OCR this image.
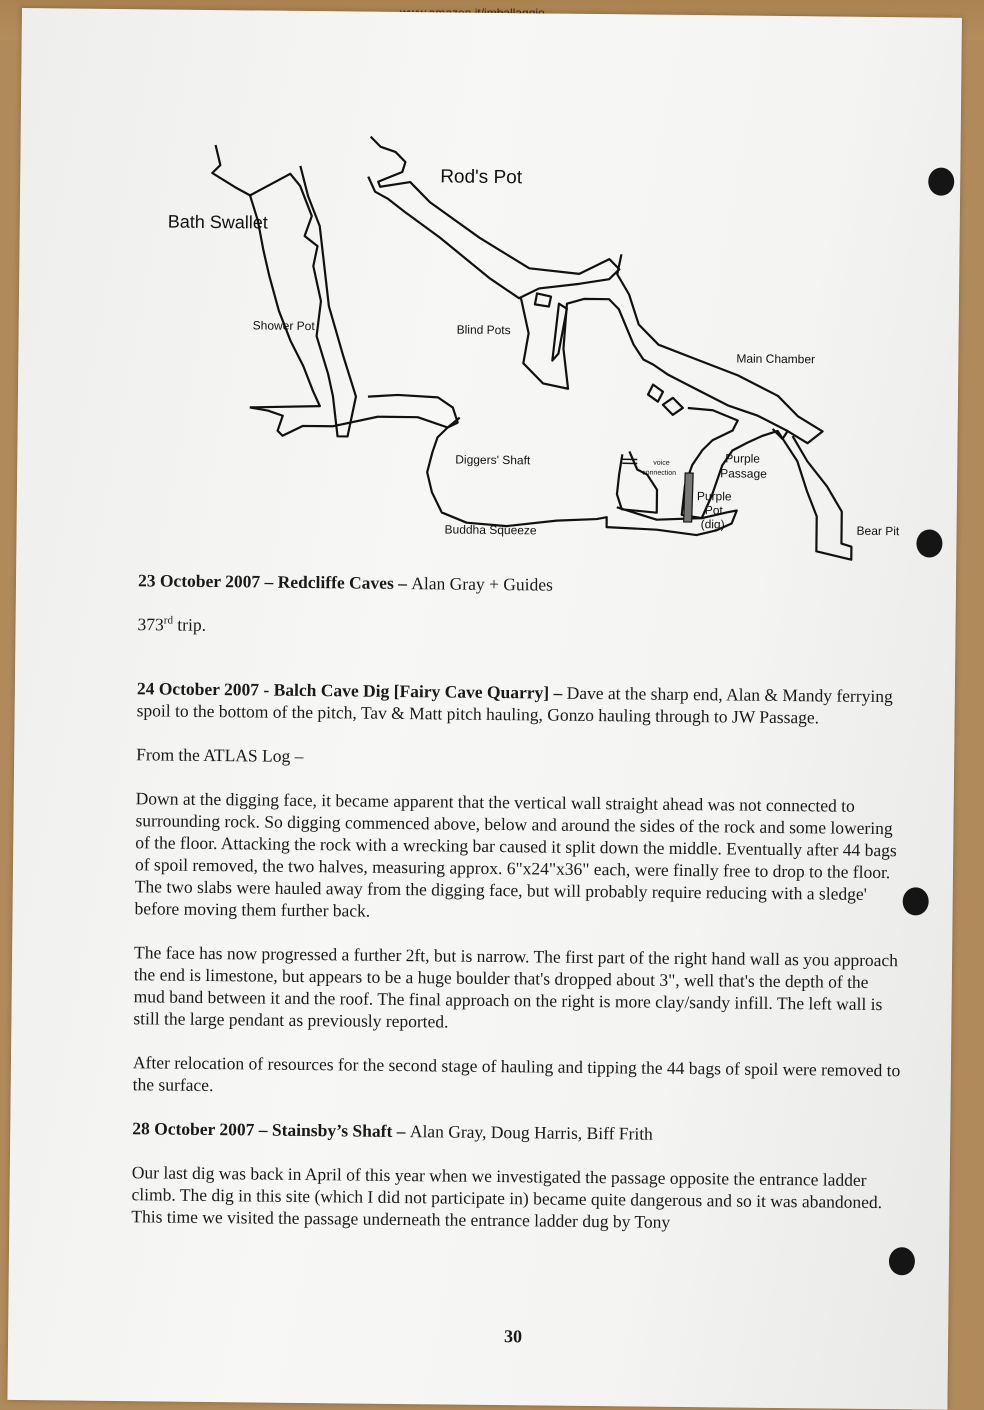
Rod's Pot
Bath Swallet
Shower Pot	Blind Pots
Main Chamber
Diggers' Shaft	voice
connection
Purple
Passage
Purple
Pot
(dig)
Buddha Squeeze	Bear Pit

23 October 2007 – Redcliffe Caves – Alan Gray + Guides

373rd trip.

24 October 2007 - Balch Cave Dig [Fairy Cave Quarry] – Dave at the sharp end, Alan & Mandy ferrying spoil to the bottom of the pitch, Tav & Matt pitch hauling, Gonzo hauling through to JW Passage.

From the ATLAS Log –

Down at the digging face, it became apparent that the vertical wall straight ahead was not connected to surrounding rock. So digging commenced above, below and around the sides of the rock and some lowering of the floor. Attacking the rock with a wrecking bar caused it split down the middle. Eventually after 44 bags of spoil removed, the two halves, measuring approx. 6"x24"x36" each, were finally free to drop to the floor. The two slabs were hauled away from the digging face, but will probably require reducing with a sledge' before moving them further back.

The face has now progressed a further 2ft, but is narrow. The first part of the right hand wall as you approach the end is limestone, but appears to be a huge boulder that's dropped about 3", well that's the depth of the mud band between it and the roof. The final approach on the right is more clay/sandy infill. The left wall is still the large pendant as previously reported.

After relocation of resources for the second stage of hauling and tipping the 44 bags of spoil were removed to the surface.

28 October 2007 – Stainsby’s Shaft – Alan Gray, Doug Harris, Biff Frith

Our last dig was back in April of this year when we investigated the passage opposite the entrance ladder climb. The dig in this site (which I did not participate in) became quite dangerous and so it was abandoned. This time we visited the passage underneath the entrance ladder dug by Tony

30
